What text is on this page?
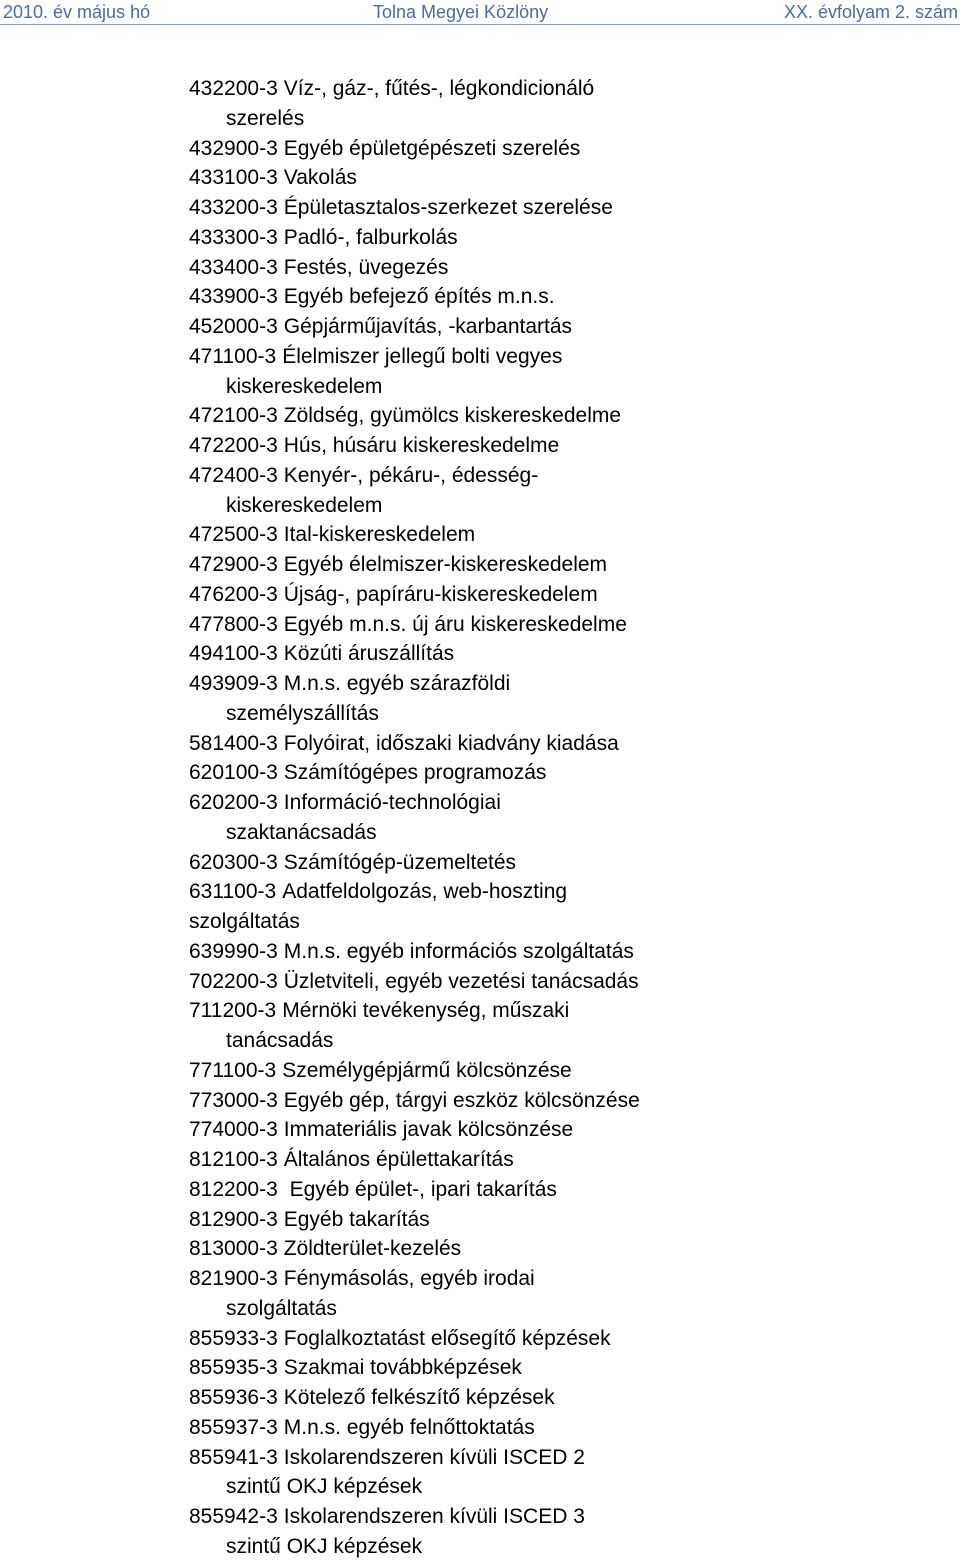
2010. év május hó	Tolna Megyei Közlöny	XX. évfolyam 2. szám
432200-3 Víz-, gáz-, fűtés-, légkondicionáló
szerelés
432900-3 Egyéb épületgépészeti szerelés
433100-3 Vakolás
433200-3 Épületasztalos-szerkezet szerelése
433300-3 Padló-, falburkolás
433400-3 Festés, üvegezés
433900-3 Egyéb befejező építés m.n.s.
452000-3 Gépjárműjavítás, -karbantartás
471100-3 Élelmiszer jellegű bolti vegyes
kiskereskedelem
472100-3 Zöldség, gyümölcs kiskereskedelme
472200-3 Hús, húsáru kiskereskedelme
472400-3 Kenyér-, pékáru-, édesség-
kiskereskedelem
472500-3 Ital-kiskereskedelem
472900-3 Egyéb élelmiszer-kiskereskedelem
476200-3 Újság-, papíráru-kiskereskedelem
477800-3 Egyéb m.n.s. új áru kiskereskedelme
494100-3 Közúti áruszállítás
493909-3 M.n.s. egyéb szárazföldi
személyszállítás
581400-3 Folyóirat, időszaki kiadvány kiadása
620100-3 Számítógépes programozás
620200-3 Információ-technológiai
szaktanácsadás
620300-3 Számítógép-üzemeltetés
631100-3 Adatfeldolgozás, web-hoszting
szolgáltatás
639990-3 M.n.s. egyéb információs szolgáltatás
702200-3 Üzletviteli, egyéb vezetési tanácsadás
711200-3 Mérnöki tevékenység, műszaki
tanácsadás
771100-3 Személygépjármű kölcsönzése
773000-3 Egyéb gép, tárgyi eszköz kölcsönzése
774000-3 Immateriális javak kölcsönzése
812100-3 Általános épülettakarítás
812200-3 Egyéb épület-, ipari takarítás
812900-3 Egyéb takarítás
813000-3 Zöldterület-kezelés
821900-3 Fénymásolás, egyéb irodai
szolgáltatás
855933-3 Foglalkoztatást elősegítő képzések
855935-3 Szakmai továbbképzések
855936-3 Kötelező felkészítő képzések
855937-3 M.n.s. egyéb felnőttoktatás
855941-3 Iskolarendszeren kívüli ISCED 2
szintű OKJ képzések
855942-3 Iskolarendszeren kívüli ISCED 3
szintű OKJ képzések
